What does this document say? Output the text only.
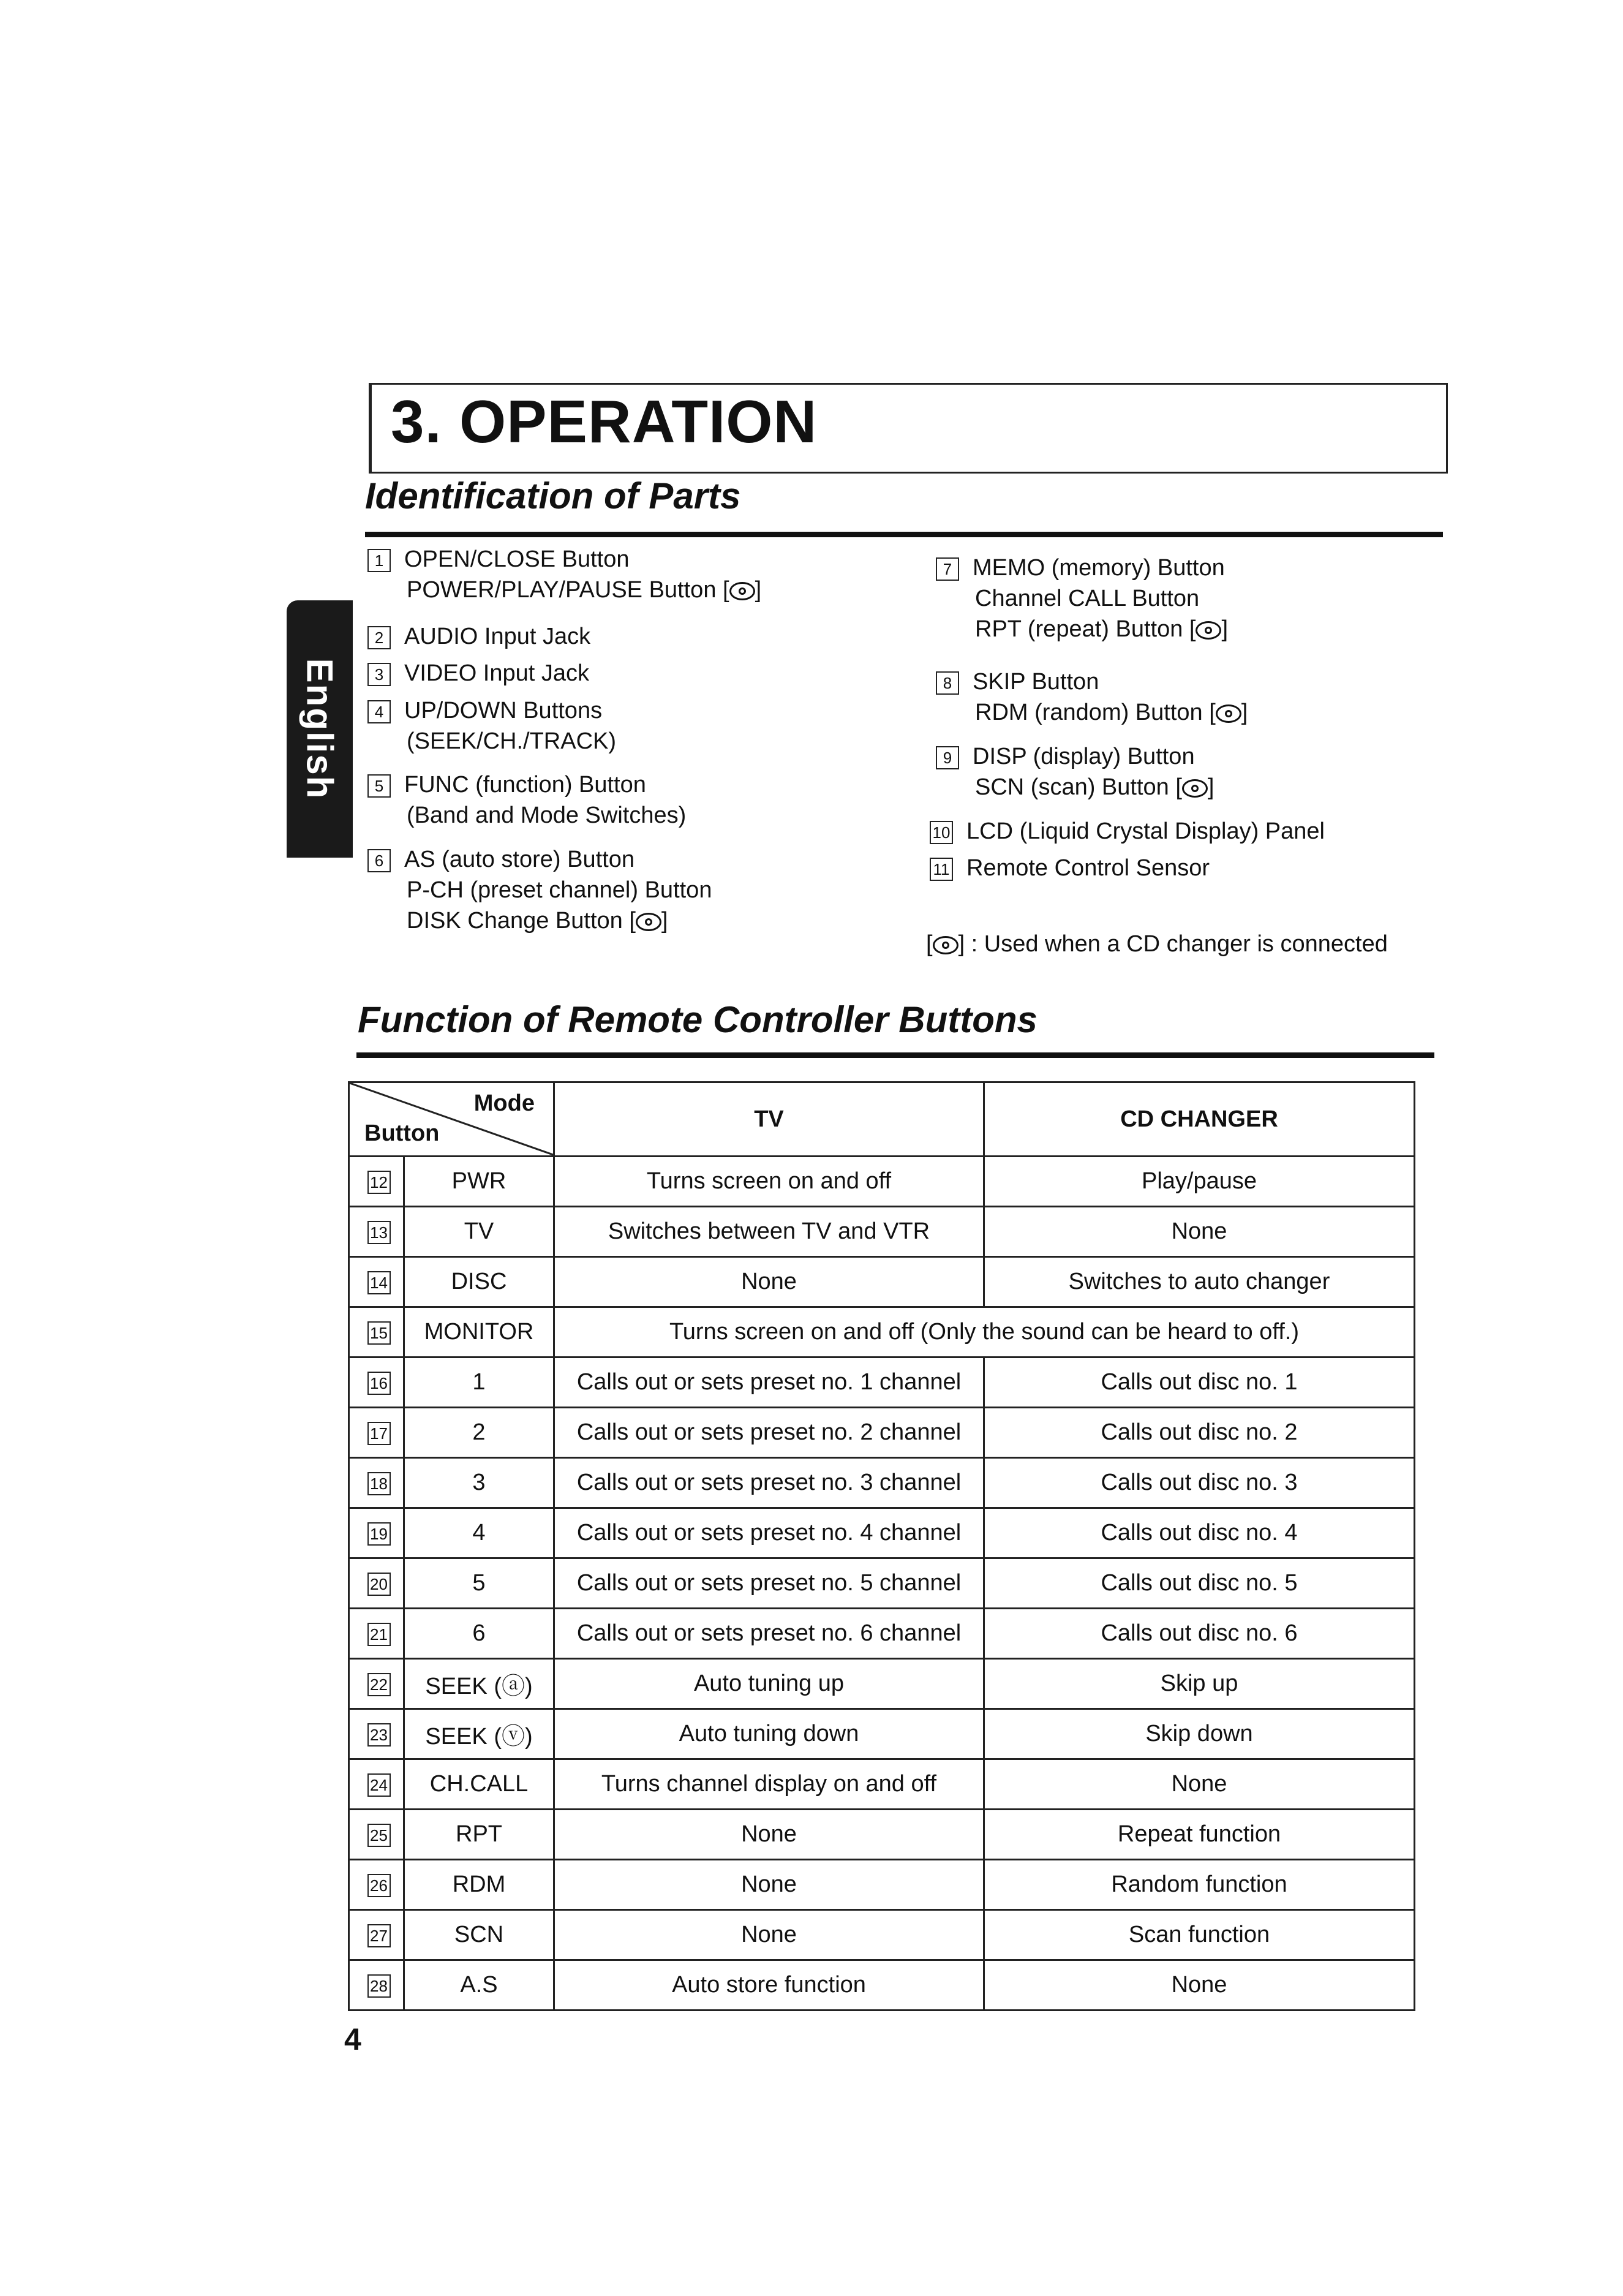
3. OPERATION
English
Identification of Parts
1 OPEN/CLOSE Button
POWER/PLAY/PAUSE Button [ ]
2 AUDIO Input Jack
3 VIDEO Input Jack
4 UP/DOWN Buttons
(SEEK/CH./TRACK)
5 FUNC (function) Button
(Band and Mode Switches)
6 AS (auto store) Button
P-CH (preset channel) Button
DISK Change Button [ ]
7 MEMO (memory) Button
Channel CALL Button
RPT (repeat) Button [ ]
8 SKIP Button
RDM (random) Button [ ]
9 DISP (display) Button
SCN (scan) Button [ ]
10 LCD (Liquid Crystal Display) Panel
11 Remote Control Sensor
[ ] : Used when a CD changer is connected
Function of Remote Controller Buttons
Mode
Button		TV	CD CHANGER
12	PWR	Turns screen on and off	Play/pause
13	TV	Switches between TV and VTR	None
14	DISC	None	Switches to auto changer
15	MONITOR	Turns screen on and off (Only the sound can be heard to off.)	
16	1	Calls out or sets preset no. 1 channel	Calls out disc no. 1
17	2	Calls out or sets preset no. 2 channel	Calls out disc no. 2
18	3	Calls out or sets preset no. 3 channel	Calls out disc no. 3
19	4	Calls out or sets preset no. 4 channel	Calls out disc no. 4
20	5	Calls out or sets preset no. 5 channel	Calls out disc no. 5
21	6	Calls out or sets preset no. 6 channel	Calls out disc no. 6
22	SEEK (ⓐ)	Auto tuning up	Skip up
23	SEEK (ⓥ)	Auto tuning down	Skip down
24	CH.CALL	Turns channel display on and off	None
25	RPT	None	Repeat function
26	RDM	None	Random function
27	SCN	None	Scan function
28	A.S	Auto store function	None
4
